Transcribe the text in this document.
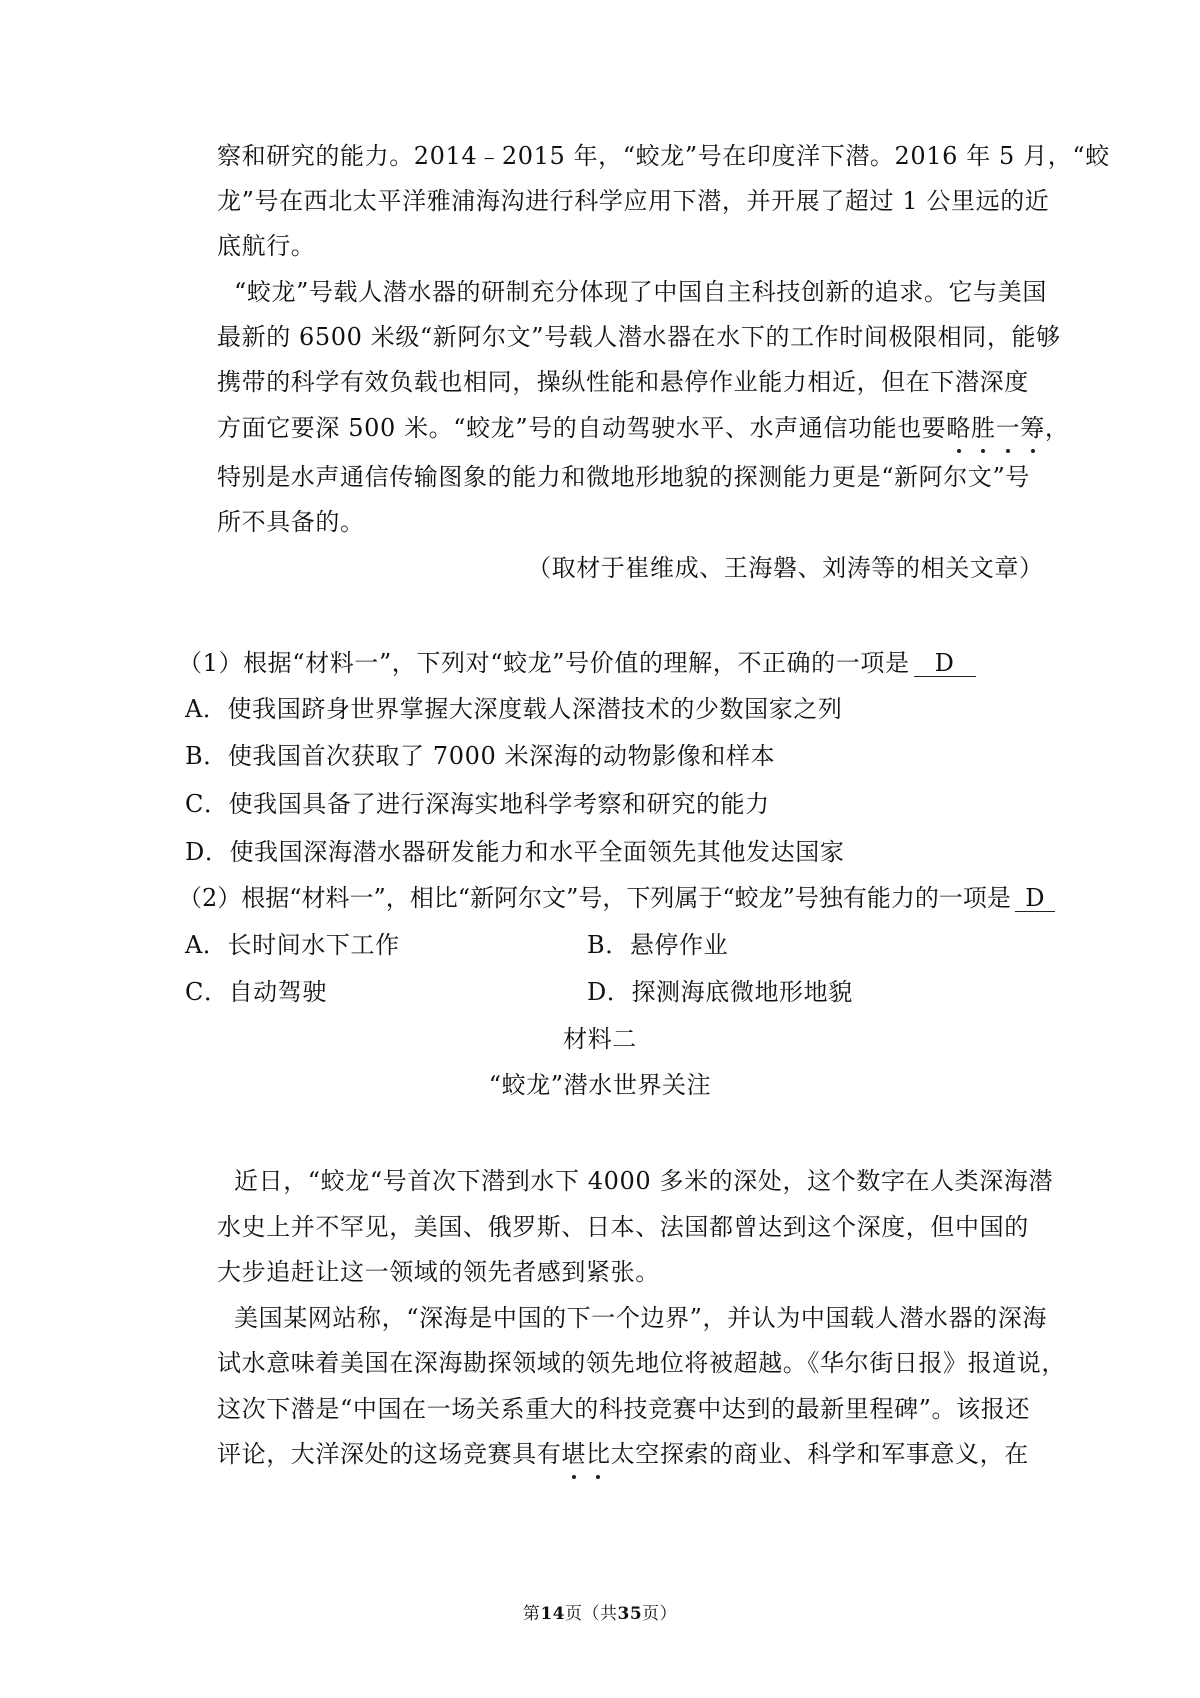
察和研究的能力。2014﹣2015 年，“蛟龙”号在印度洋下潜。2016 年 5 月，“蛟
龙”号在西北太平洋雅浦海沟进行科学应用下潜，并开展了超过 1 公里远的近
底航行。
“蛟龙”号载人潜水器的研制充分体现了中国自主科技创新的追求。它与美国
最新的 6500 米级“新阿尔文”号载人潜水器在水下的工作时间极限相同，能够
携带的科学有效负载也相同，操纵性能和悬停作业能力相近，但在下潜深度
方面它要深 500 米。“蛟龙”号的自动驾驶水平、水声通信功能也要略胜一筹，
特别是水声通信传输图象的能力和微地形地貌的探测能力更是“新阿尔文”号
所不具备的。
（取材于崔维成、王海磐、刘涛等的相关文章）
（1）根据“材料一”，下列对“蛟龙”号价值的理解，不正确的一项是 D
A．使我国跻身世界掌握大深度载人深潜技术的少数国家之列
B．使我国首次获取了 7000 米深海的动物影像和样本
C．使我国具备了进行深海实地科学考察和研究的能力
D．使我国深海潜水器研发能力和水平全面领先其他发达国家
（2）根据“材料一”，相比“新阿尔文”号，下列属于“蛟龙”号独有能力的一项是 D
A．长时间水下工作	B．悬停作业
C．自动驾驶	D．探测海底微地形地貌
材料二
“蛟龙”潜水世界关注
近日，“蛟龙“号首次下潜到水下 4000 多米的深处，这个数字在人类深海潜
水史上并不罕见，美国、俄罗斯、日本、法国都曾达到这个深度，但中国的
大步追赶让这一领域的领先者感到紧张。
美国某网站称，“深海是中国的下一个边界”，并认为中国载人潜水器的深海
试水意味着美国在深海勘探领域的领先地位将被超越。《华尔街日报》报道说，
这次下潜是“中国在一场关系重大的科技竞赛中达到的最新里程碑”。该报还
评论，大洋深处的这场竞赛具有堪比太空探索的商业、科学和军事意义，在
第14页（共35页）
